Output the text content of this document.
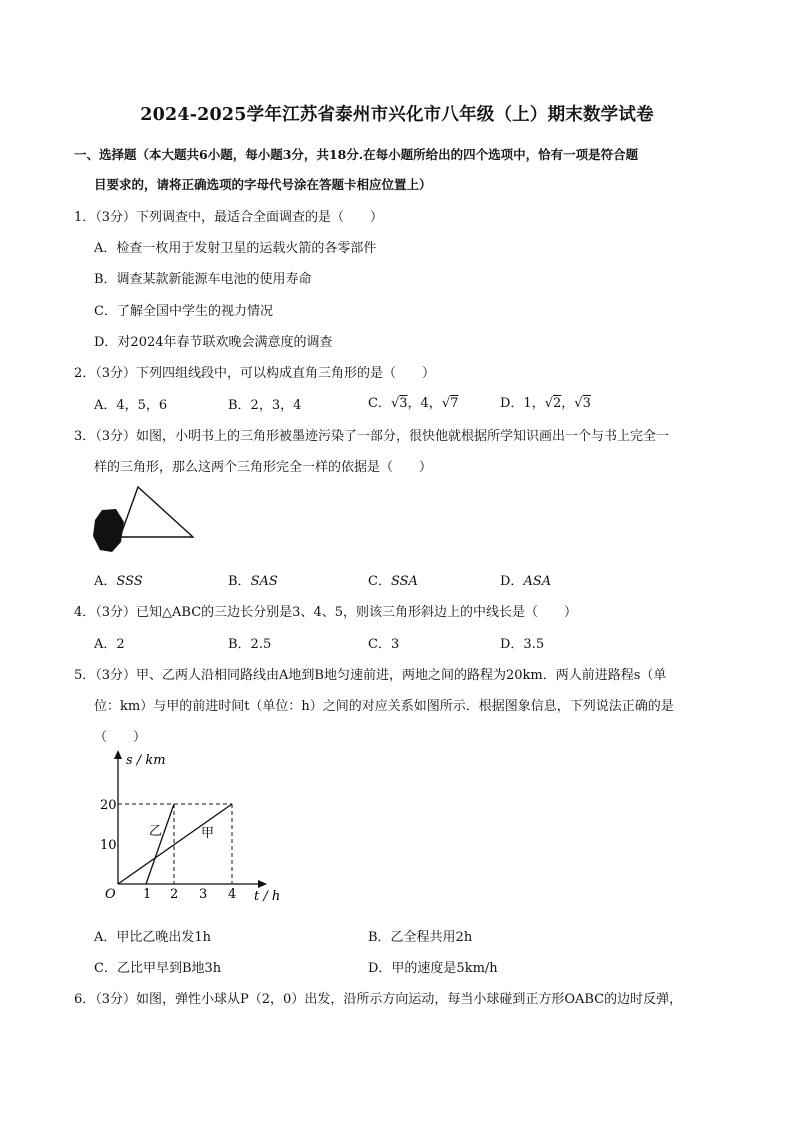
2024-2025学年江苏省泰州市兴化市八年级（上）期末数学试卷
一、选择题（本大题共6小题，每小题3分，共18分.在每小题所给出的四个选项中，恰有一项是符合题
目要求的，请将正确选项的字母代号涂在答题卡相应位置上）
1．（3分）下列调查中，最适合全面调查的是（　　）
A．检查一枚用于发射卫星的运载火箭的各零部件
B．调查某款新能源车电池的使用寿命
C．了解全国中学生的视力情况
D．对2024年春节联欢晚会满意度的调查
2．（3分）下列四组线段中，可以构成直角三角形的是（　　）
A．4，5，6	B．2，3，4	C．√3，4，√7	D．1，√2，√3
3．（3分）如图，小明书上的三角形被墨迹污染了一部分，很快他就根据所学知识画出一个与书上完全一
样的三角形，那么这两个三角形完全一样的依据是（　　）
A．SSS	B．SAS	C．SSA	D．ASA
4．（3分）已知△ABC的三边长分别是3、4、5，则该三角形斜边上的中线长是（　　）
A．2	B．2.5	C．3	D．3.5
5．（3分）甲、乙两人沿相同路线由A地到B地匀速前进，两地之间的路程为20km．两人前进路程s（单
位：km）与甲的前进时间t（单位：h）之间的对应关系如图所示．根据图象信息，下列说法正确的是
（　　）
20
10
1 2 3 4
O
s / km
t / h
乙	甲
A．甲比乙晚出发1h	B．乙全程共用2h
C．乙比甲早到B地3h	D．甲的速度是5km/h
6．（3分）如图，弹性小球从P（2，0）出发，沿所示方向运动，每当小球碰到正方形OABC的边时反弹，
